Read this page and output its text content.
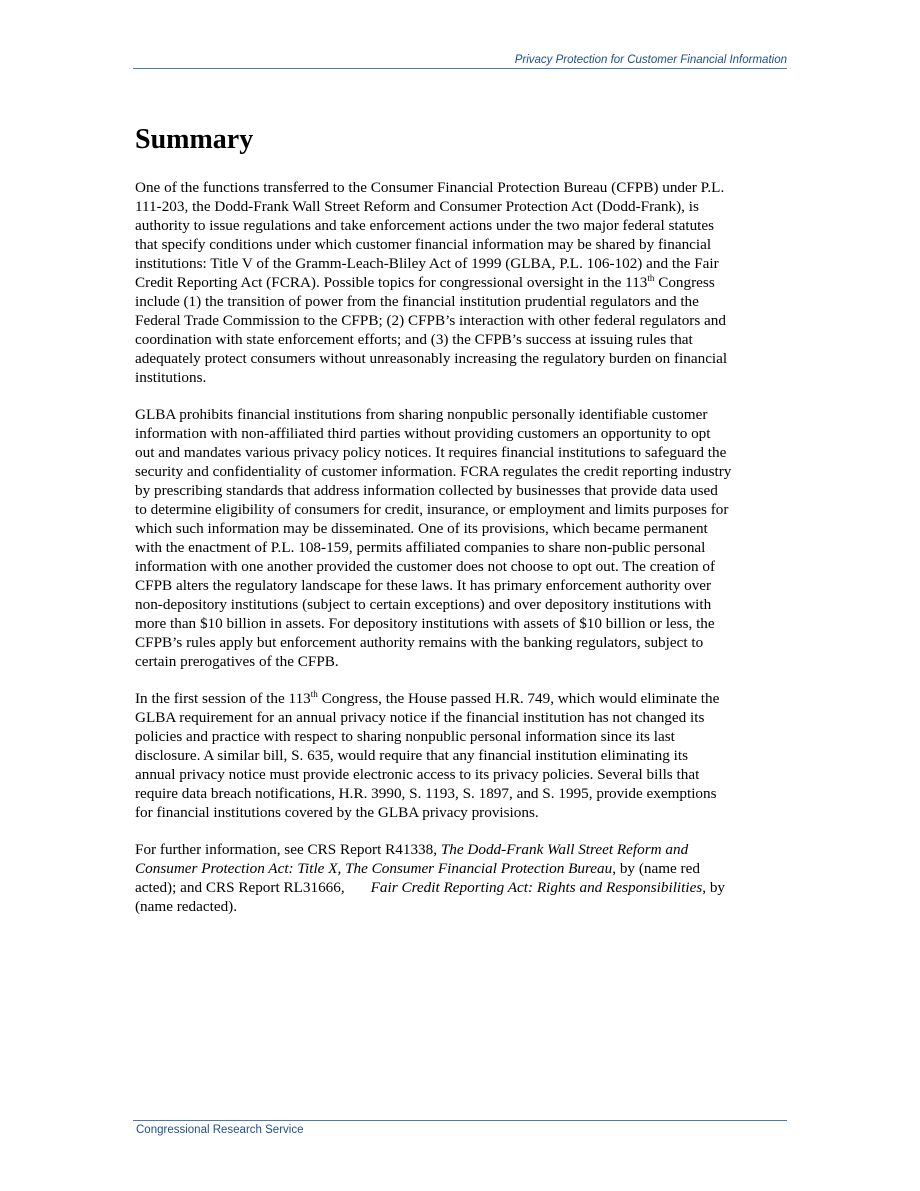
Privacy Protection for Customer Financial Information
Summary

One of the functions transferred to the Consumer Financial Protection Bureau (CFPB) under P.L.
111-203, the Dodd-Frank Wall Street Reform and Consumer Protection Act (Dodd-Frank), is
authority to issue regulations and take enforcement actions under the two major federal statutes
that specify conditions under which customer financial information may be shared by financial
institutions: Title V of the Gramm-Leach-Bliley Act of 1999 (GLBA, P.L. 106-102) and the Fair
Credit Reporting Act (FCRA). Possible topics for congressional oversight in the 113th Congress
include (1) the transition of power from the financial institution prudential regulators and the
Federal Trade Commission to the CFPB; (2) CFPB’s interaction with other federal regulators and
coordination with state enforcement efforts; and (3) the CFPB’s success at issuing rules that
adequately protect consumers without unreasonably increasing the regulatory burden on financial
institutions.

GLBA prohibits financial institutions from sharing nonpublic personally identifiable customer
information with non-affiliated third parties without providing customers an opportunity to opt
out and mandates various privacy policy notices. It requires financial institutions to safeguard the
security and confidentiality of customer information. FCRA regulates the credit reporting industry
by prescribing standards that address information collected by businesses that provide data used
to determine eligibility of consumers for credit, insurance, or employment and limits purposes for
which such information may be disseminated. One of its provisions, which became permanent
with the enactment of P.L. 108-159, permits affiliated companies to share non-public personal
information with one another provided the customer does not choose to opt out. The creation of
CFPB alters the regulatory landscape for these laws. It has primary enforcement authority over
non-depository institutions (subject to certain exceptions) and over depository institutions with
more than $10 billion in assets. For depository institutions with assets of $10 billion or less, the
CFPB’s rules apply but enforcement authority remains with the banking regulators, subject to
certain prerogatives of the CFPB.

In the first session of the 113th Congress, the House passed H.R. 749, which would eliminate the
GLBA requirement for an annual privacy notice if the financial institution has not changed its
policies and practice with respect to sharing nonpublic personal information since its last
disclosure. A similar bill, S. 635, would require that any financial institution eliminating its
annual privacy notice must provide electronic access to its privacy policies. Several bills that
require data breach notifications, H.R. 3990, S. 1193, S. 1897, and S. 1995, provide exemptions
for financial institutions covered by the GLBA privacy provisions.

For further information, see CRS Report R41338, The Dodd-Frank Wall Street Reform and
Consumer Protection Act: Title X, The Consumer Financial Protection Bureau, by (name red
acted); and CRS Report RL31666, Fair Credit Reporting Act: Rights and Responsibilities, by
(name redacted).

Congressional Research Service
